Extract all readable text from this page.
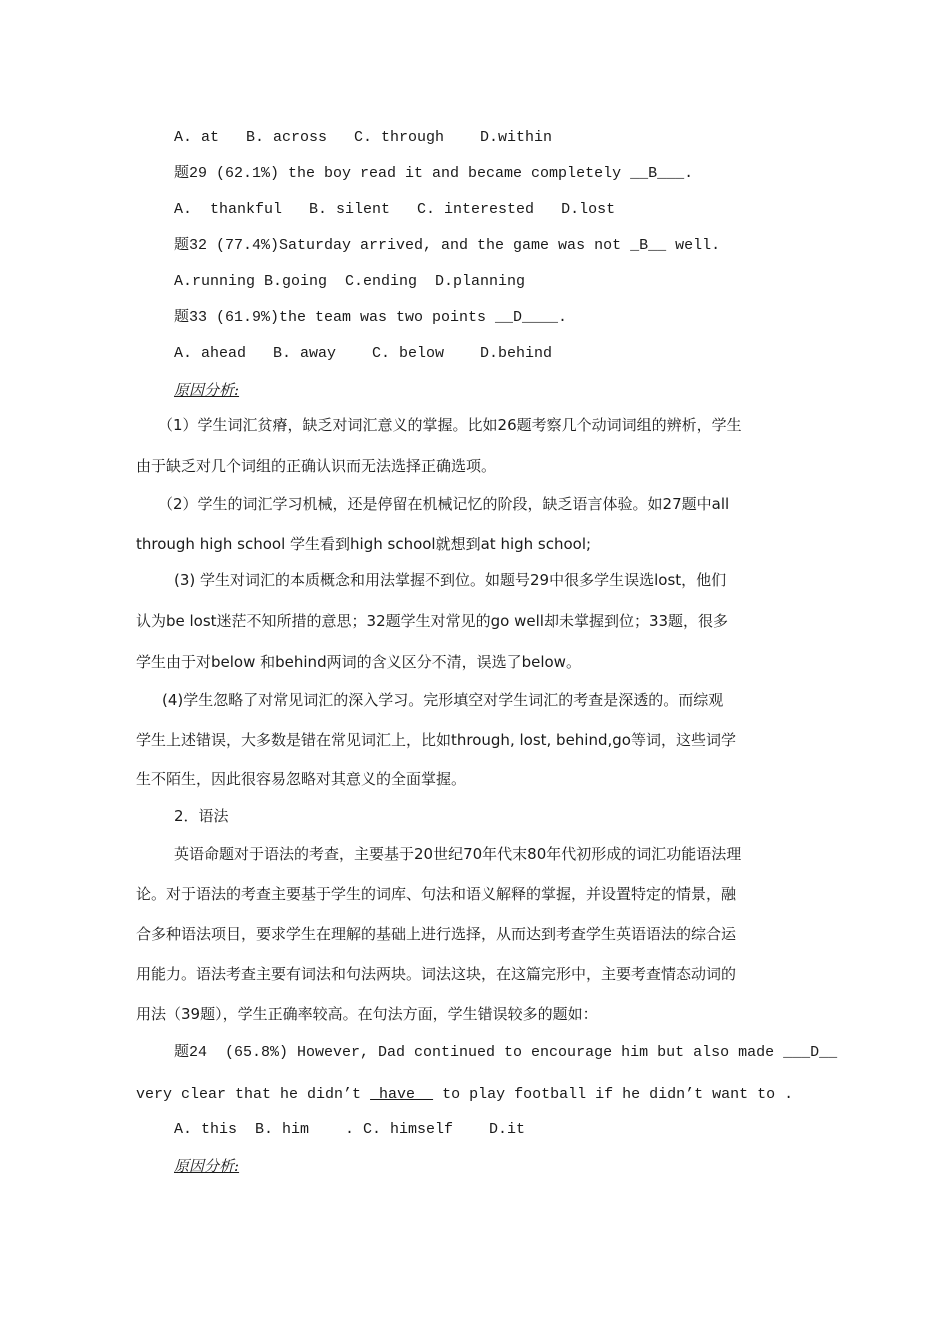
A. at   B. across   C. through    D.within
题29 (62.1%) the boy read it and became completely __B___.
A.  thankful   B. silent   C. interested   D.lost
题32 (77.4%)Saturday arrived, and the game was not _B__ well.
A.running B.going  C.ending  D.planning
题33 (61.9%)the team was two points __D____.
A. ahead   B. away    C. below    D.behind
原因分析:
（1）学生词汇贫瘠，缺乏对词汇意义的掌握。比如26题考察几个动词词组的辨析，学生
由于缺乏对几个词组的正确认识而无法选择正确选项。
（2）学生的词汇学习机械，还是停留在机械记忆的阶段，缺乏语言体验。如27题中all
through high school 学生看到high school就想到at high school;
(3) 学生对词汇的本质概念和用法掌握不到位。如题号29中很多学生误选lost，他们
认为be lost迷茫不知所措的意思；32题学生对常见的go well却未掌握到位；33题，很多
学生由于对below 和behind两词的含义区分不清，误选了below。
(4)学生忽略了对常见词汇的深入学习。完形填空对学生词汇的考查是深透的。而综观
学生上述错误，大多数是错在常见词汇上，比如through, lost, behind,go等词，这些词学
生不陌生，因此很容易忽略对其意义的全面掌握。
2．语法
英语命题对于语法的考查，主要基于20世纪70年代末80年代初形成的词汇功能语法理
论。对于语法的考查主要基于学生的词库、句法和语义解释的掌握，并设置特定的情景，融
合多种语法项目，要求学生在理解的基础上进行选择，从而达到考查学生英语语法的综合运
用能力。语法考查主要有词法和句法两块。词法这块，在这篇完形中，主要考查情态动词的
用法（39题），学生正确率较高。在句法方面，学生错误较多的题如：
题24  (65.8%) However, Dad continued to encourage him but also made ___D__
very clear that he didn’t  have   to play football if he didn’t want to .
A. this  B. him    . C. himself    D.it
原因分析:
